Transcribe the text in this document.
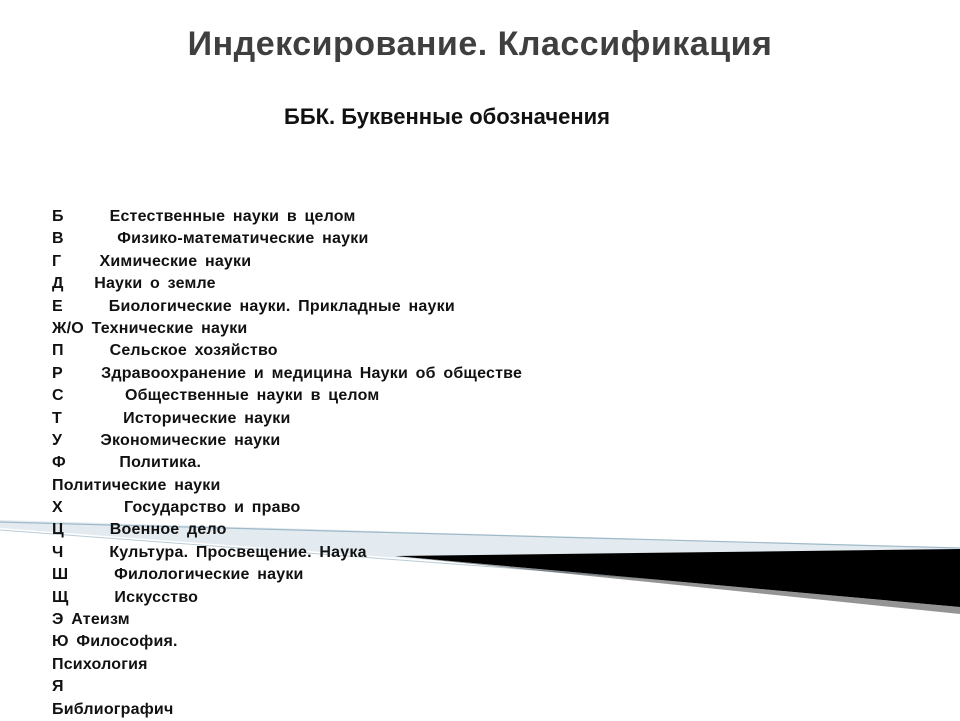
Индексирование. Классификация
ББК. Буквенные обозначения
Б	Естественные науки в целом
В	Физико-математические науки
Г Химические науки
Д Науки о земле
Е	Биологические науки. Прикладные науки
Ж/О Технические науки
П	Сельское хозяйство
Р Здравоохранение и медицина Науки об обществе
С	Общественные науки в целом
Т	Исторические науки
У Экономические науки
Ф	Политика.
Политические науки
Х	Государство и право
Ц	Военное дело
Ч	Культура. Просвещение. Наука
Ш	Филологические науки
Щ	Искусство
Э Атеизм
Ю Философия.
Психология
Я
Библиографич
